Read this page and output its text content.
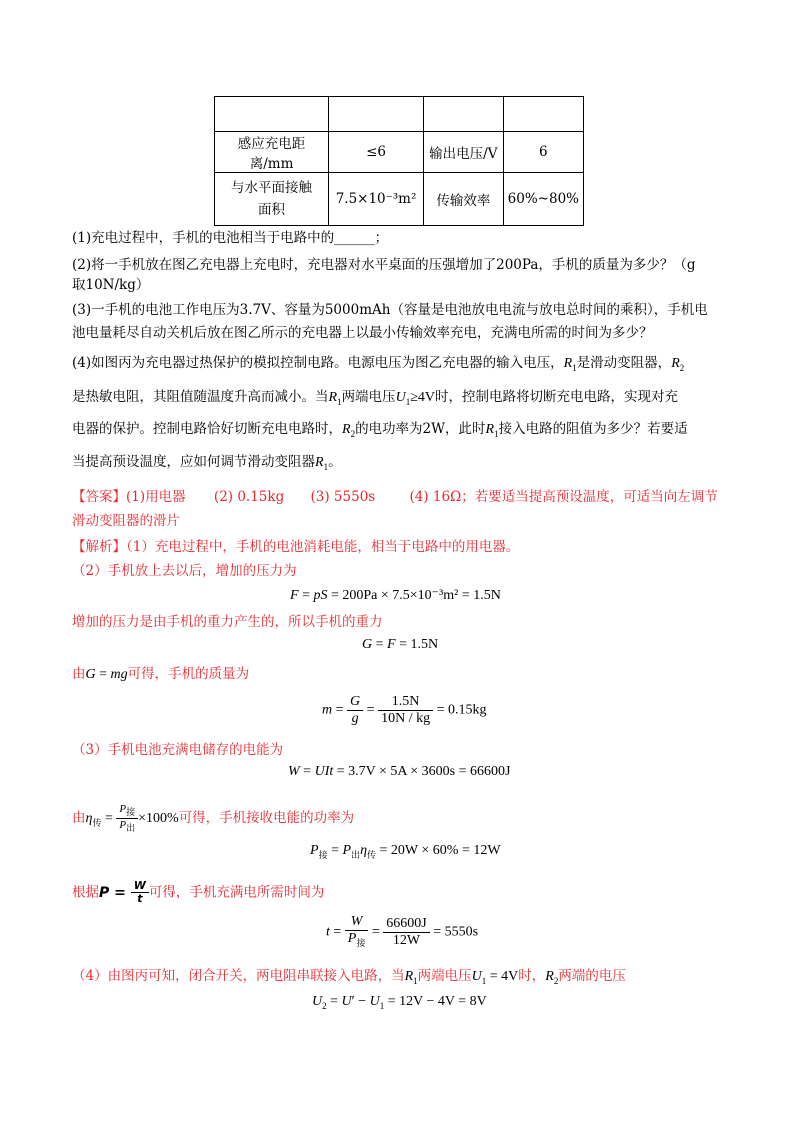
感应充电距离/mm	≤6	输出电压/V	6
与水平面接触面积	7.5×10⁻³m²	传输效率	60%~80%
(1)充电过程中，手机的电池相当于电路中的______；
(2)将一手机放在图乙充电器上充电时，充电器对水平桌面的压强增加了200Pa，手机的质量为多少？（g
取10N/kg）
(3)一手机的电池工作电压为3.7V、容量为5000mAh（容量是电池放电电流与放电总时间的乘积），手机电
池电量耗尽自动关机后放在图乙所示的充电器上以最小传输效率充电，充满电所需的时间为多少？
(4)如图丙为充电器过热保护的模拟控制电路。电源电压为图乙充电器的输入电压，$R_1$是滑动变阻器，$R_2$
是热敏电阻，其阻值随温度升高而减小。当$R_1$两端电压$U_1\ge 4V$时，控制电路将切断充电电路，实现对充
电器的保护。控制电路恰好切断充电电路时，$R_2$的电功率为2W，此时$R_1$接入电路的阻值为多少？若要适
当提高预设温度，应如何调节滑动变阻器$R_1$。
【答案】(1)用电器 (2) 0.15kg (3) 5550s	(4) 16Ω；若要适当提高预设温度，可适当向左调节
滑动变阻器的滑片
【解析】（1）充电过程中，手机的电池消耗电能，相当于电路中的用电器。
（2）手机放上去以后，增加的压力为
F = pS = 200Pa × 7.5×10⁻³m² = 1.5N
增加的压力是由手机的重力产生的，所以手机的重力
G = F = 1.5N
由G = mg可得，手机的质量为
$m = \frac{G}{g} = \frac{1.5N}{10N / kg} = 0.15kg$
（3）手机电池充满电储存的电能为
W = UIt = 3.7V × 5A × 3600s = 66600J
由$\eta_传 = \frac{P_接}{P_出} \times 100\%$可得，手机接收电能的功率为
$P_接 = P_出\eta_传 = 20W \times 60\% = 12W$
根据$P = \frac{W}{t}$ 可得，手机充满电所需时间为
$t = \frac{W}{P_接} = \frac{66600J}{12W} = 5550s$
（4）由图丙可知，闭合开关，两电阻串联接入电路，当$R_1$两端电压$U_1 = 4V$时，$R_2$两端的电压
$U_2 = U' - U_1 = 12V - 4V = 8V$
